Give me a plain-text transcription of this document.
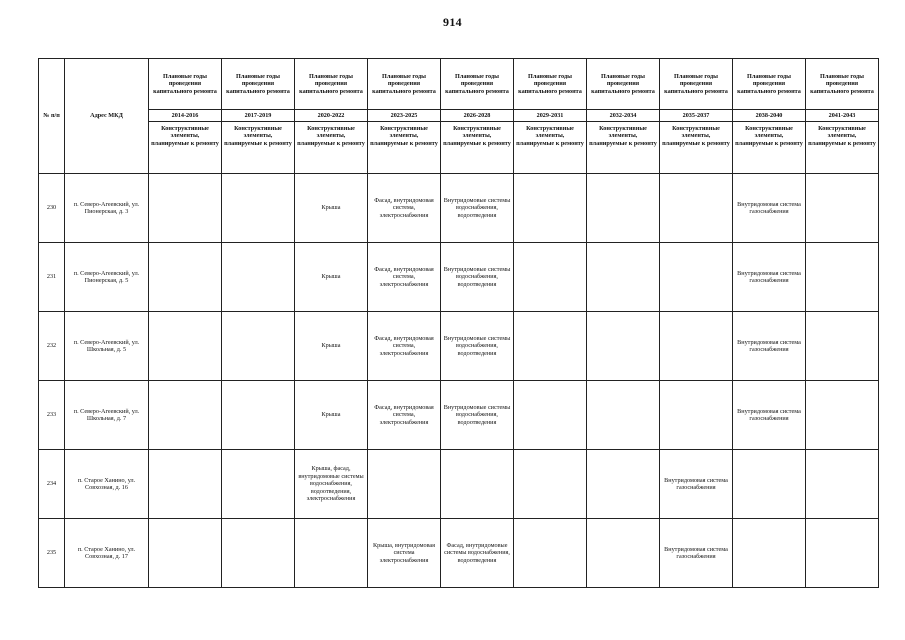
914
№ п/п	Адрес МКД	Плановые годы проведения капитального ремонта	Плановые годы проведения капитального ремонта	Плановые годы проведения капитального ремонта	Плановые годы проведения капитального ремонта	Плановые годы проведения капитального ремонта	Плановые годы проведения капитального ремонта	Плановые годы проведения капитального ремонта	Плановые годы проведения капитального ремонта	Плановые годы проведения капитального ремонта	Плановые годы проведения капитального ремонта
		2014-2016	2017-2019	2020-2022	2023-2025	2026-2028	2029-2031	2032-2034	2035-2037	2038-2040	2041-2043
		Конструктивные элементы, планируемые к ремонту	Конструктивные элементы, планируемые к ремонту	Конструктивные элементы, планируемые к ремонту	Конструктивные элементы, планируемые к ремонту	Конструктивные элементы, планируемые к ремонту	Конструктивные элементы, планируемые к ремонту	Конструктивные элементы, планируемые к ремонту	Конструктивные элементы, планируемые к ремонту	Конструктивные элементы, планируемые к ремонту	Конструктивные элементы, планируемые к ремонту
230	п. Северо-Агеевский, ул. Пионерская, д. 3			Крыша	Фасад, внутридомовая система, электроснабжения	Внутридомовые системы водоснабжения, водоотведения				Внутридомовая система газоснабжения	
231	п. Северо-Агеевский, ул. Пионерская, д. 5			Крыша	Фасад, внутридомовая система, электроснабжения	Внутридомовые системы водоснабжения, водоотведения				Внутридомовая система газоснабжения	
232	п. Северо-Агеевский, ул. Школьная, д. 5			Крыша	Фасад, внутридомовая система, электроснабжения	Внутридомовые системы водоснабжения, водоотведения				Внутридомовая система газоснабжения	
233	п. Северо-Агеевский, ул. Школьная, д. 7			Крыша	Фасад, внутридомовая система, электроснабжения	Внутридомовые системы водоснабжения, водоотведения				Внутридомовая система газоснабжения	
234	п. Старое Ханино, ул. Совхозная, д. 16			Крыша, фасад, внутридомовые системы водоснабжения, водоотведения, электроснабжения					Внутридомовая система газоснабжения		
235	п. Старое Ханино, ул. Совхозная, д. 17				Крыша, внутридомовая система электроснабжения	Фасад, внутридомовые системы водоснабжения, водоотведения			Внутридомовая система газоснабжения		
